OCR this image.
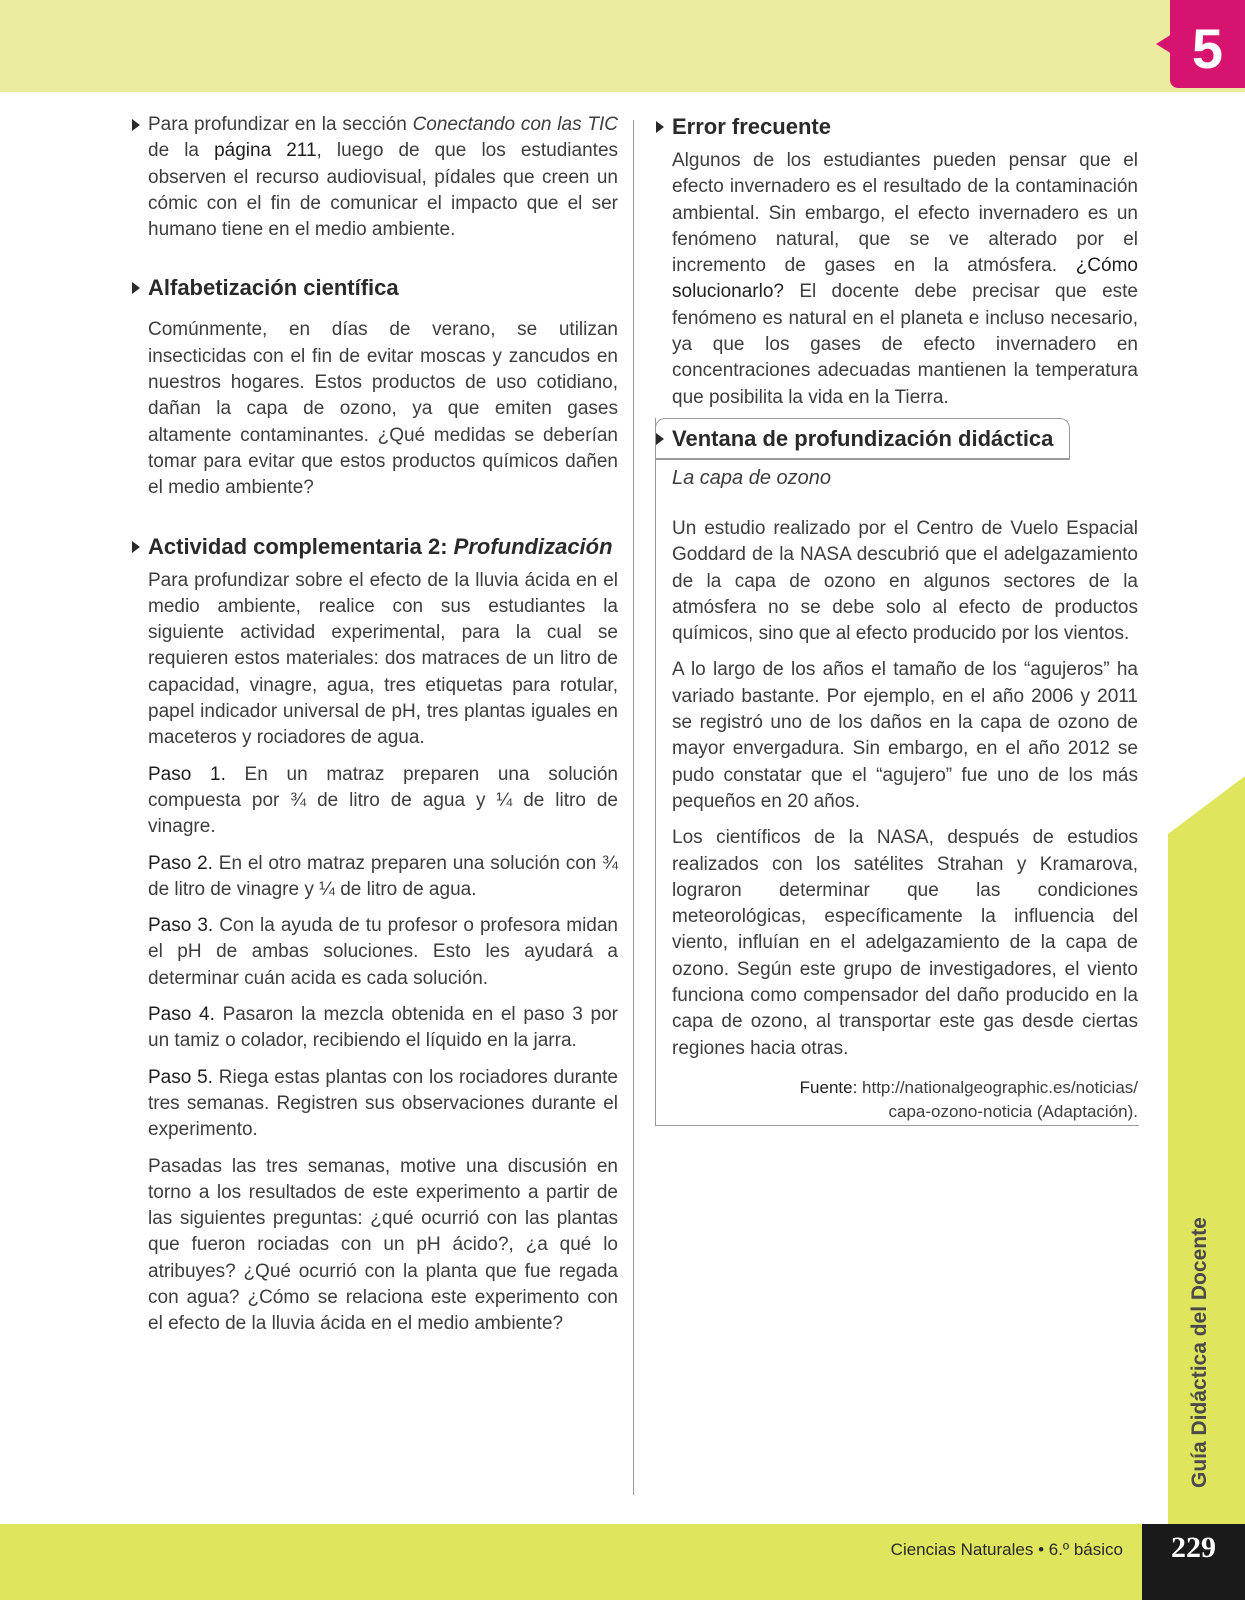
5
Guía Didáctica del Docente
Ciencias Naturales • 6.º básico 229

Para profundizar en la sección Conectando con las TIC de la página 211, luego de que los estudiantes observen el recurso audiovisual, pídales que creen un cómic con el fin de comunicar el impacto que el ser humano tiene en el medio ambiente.

Alfabetización científica

Comúnmente, en días de verano, se utilizan insecticidas con el fin de evitar moscas y zancudos en nuestros hogares. Estos productos de uso cotidiano, dañan la capa de ozono, ya que emiten gases altamente contaminantes. ¿Qué medidas se deberían tomar para evitar que estos productos químicos dañen el medio ambiente?

Actividad complementaria 2: Profundización

Para profundizar sobre el efecto de la lluvia ácida en el medio ambiente, realice con sus estudiantes la siguiente actividad experimental, para la cual se requieren estos materiales: dos matraces de un litro de capacidad, vinagre, agua, tres etiquetas para rotular, papel indicador universal de pH, tres plantas iguales en maceteros y rociadores de agua.

Paso 1. En un matraz preparen una solución compuesta por ¾ de litro de agua y ¼ de litro de vinagre.

Paso 2. En el otro matraz preparen una solución con ¾ de litro de vinagre y ¼ de litro de agua.

Paso 3. Con la ayuda de tu profesor o profesora midan el pH de ambas soluciones. Esto les ayudará a determinar cuán acida es cada solución.

Paso 4. Pasaron la mezcla obtenida en el paso 3 por un tamiz o colador, recibiendo el líquido en la jarra.

Paso 5. Riega estas plantas con los rociadores durante tres semanas. Registren sus observaciones durante el experimento.

Pasadas las tres semanas, motive una discusión en torno a los resultados de este experimento a partir de las siguientes preguntas: ¿qué ocurrió con las plantas que fueron rociadas con un pH ácido?, ¿a qué lo atribuyes? ¿Qué ocurrió con la planta que fue regada con agua? ¿Cómo se relaciona este experimento con el efecto de la lluvia ácida en el medio ambiente?

Error frecuente

Algunos de los estudiantes pueden pensar que el efecto invernadero es el resultado de la contaminación ambiental. Sin embargo, el efecto invernadero es un fenómeno natural, que se ve alterado por el incremento de gases en la atmósfera. ¿Cómo solucionarlo? El docente debe precisar que este fenómeno es natural en el planeta e incluso necesario, ya que los gases de efecto invernadero en concentraciones adecuadas mantienen la temperatura que posibilita la vida en la Tierra.

Ventana de profundización didáctica
La capa de ozono

Un estudio realizado por el Centro de Vuelo Espacial Goddard de la NASA descubrió que el adelgazamiento de la capa de ozono en algunos sectores de la atmósfera no se debe solo al efecto de productos químicos, sino que al efecto producido por los vientos.

A lo largo de los años el tamaño de los “agujeros” ha variado bastante. Por ejemplo, en el año 2006 y 2011 se registró uno de los daños en la capa de ozono de mayor envergadura. Sin embargo, en el año 2012 se pudo constatar que el “agujero” fue uno de los más pequeños en 20 años.

Los científicos de la NASA, después de estudios realizados con los satélites Strahan y Kramarova, lograron determinar que las condiciones meteorológicas, específicamente la influencia del viento, influían en el adelgazamiento de la capa de ozono. Según este grupo de investigadores, el viento funciona como compensador del daño producido en la capa de ozono, al transportar este gas desde ciertas regiones hacia otras.

Fuente: http://nationalgeographic.es/noticias/
capa-ozono-noticia (Adaptación).
